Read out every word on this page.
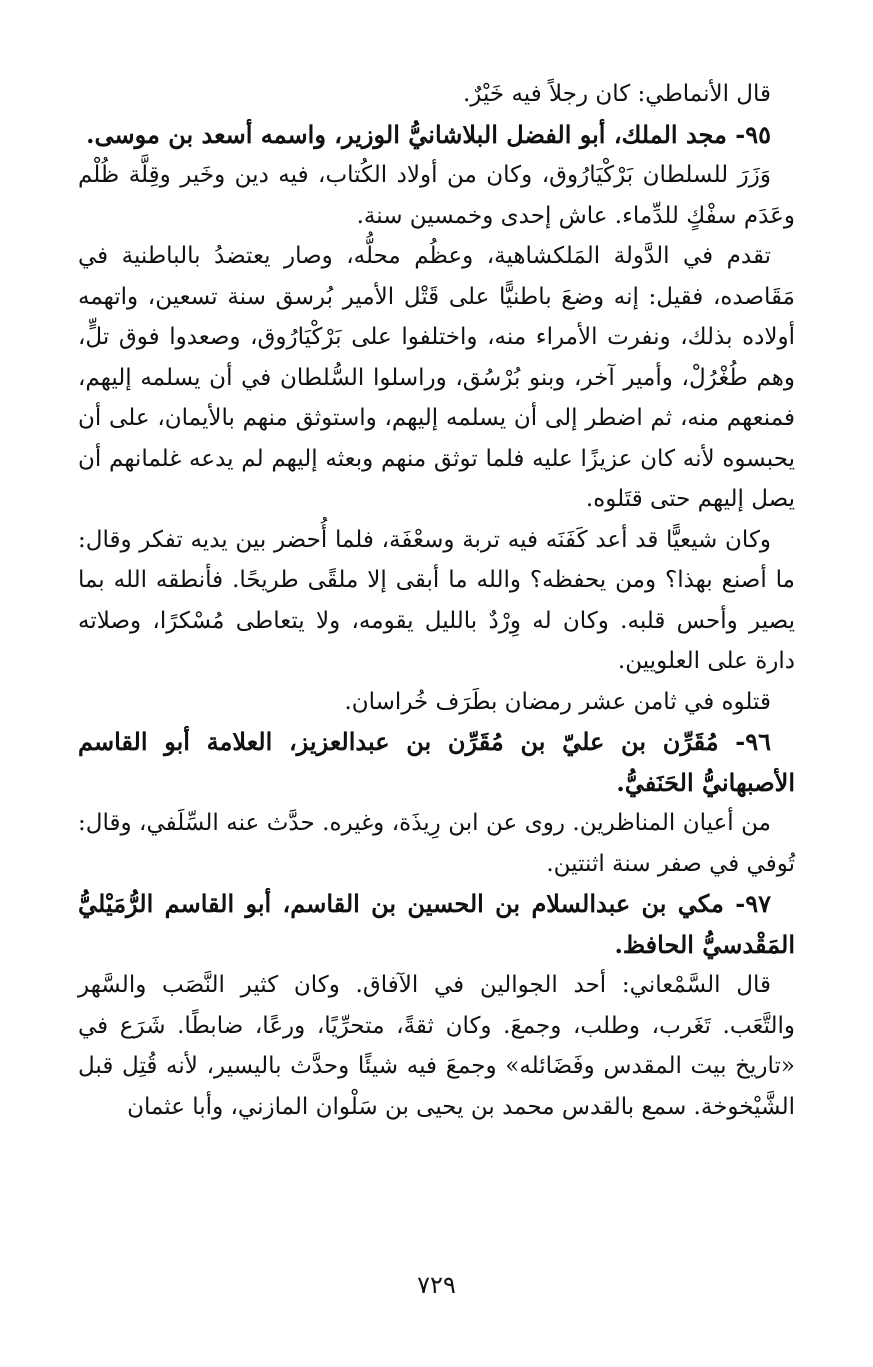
قال الأنماطي: كان رجلاً فيه خَيْرٌ.

٩٥- مجد الملك، أبو الفضل البلاشانيُّ الوزير، واسمه أسعد بن موسى.

وَزَرَ للسلطان بَرْكْيَارُوق، وكان من أولاد الكُتاب، فيه دين وخَير وقِلَّة ظُلْم وعَدَم سفْكٍ للدِّماء. عاش إحدى وخمسين سنة.

تقدم في الدَّولة المَلكشاهية، وعظُم محلُّه، وصار يعتضدُ بالباطنية في مَقَاصده، فقيل: إنه وضعَ باطنيًّا على قَتْل الأمير بُرسق سنة تسعين، واتهمه أولاده بذلك، ونفرت الأمراء منه، واختلفوا على بَرْكْيَارُوق، وصعدوا فوق تلٍّ، وهم طُغْرُلْ، وأمير آخر، وبنو بُرْسُق، وراسلوا السُّلطان في أن يسلمه إليهم، فمنعهم منه، ثم اضطر إلى أن يسلمه إليهم، واستوثق منهم بالأيمان، على أن يحبسوه لأنه كان عزيزًا عليه فلما توثق منهم وبعثه إليهم لم يدعه غلمانهم أن يصل إليهم حتى قتَلوه.

وكان شيعيًّا قد أعد كَفَنَه فيه تربة وسعْفَة، فلما أُحضر بين يديه تفكر وقال: ما أصنع بهذا؟ ومن يحفظه؟ والله ما أبقى إلا ملقًى طريحًا. فأنطقه الله بما يصير وأحس قلبه. وكان له وِرْدٌ بالليل يقومه، ولا يتعاطى مُسْكرًا، وصلاته دارة على العلويين.

قتلوه في ثامن عشر رمضان بطَرَف خُراسان.

٩٦- مُقَرِّن بن عليّ بن مُقَرِّن بن عبدالعزيز، العلامة أبو القاسم الأصبهانيُّ الحَنَفيُّ.

من أعيان المناظرين. روى عن ابن رِيذَة، وغيره. حدَّث عنه السِّلَفي، وقال: تُوفي في صفر سنة اثنتين.

٩٧- مكي بن عبدالسلام بن الحسين بن القاسم، أبو القاسم الرُّمَيْليُّ المَقْدسيُّ الحافظ.

قال السَّمْعاني: أحد الجوالين في الآفاق. وكان كثير النَّصَب والسَّهر والتَّعَب. تَغَرب، وطلب، وجمعَ. وكان ثقةً، متحرِّيًا، ورعًا، ضابطًا. شَرَع في «تاريخ بيت المقدس وفَضَائله» وجمعَ فيه شيئًا وحدَّث باليسير، لأنه قُتِل قبل الشَّيْخوخة. سمع بالقدس محمد بن يحيى بن سَلْوان المازني، وأبا عثمان

٧٢٩
